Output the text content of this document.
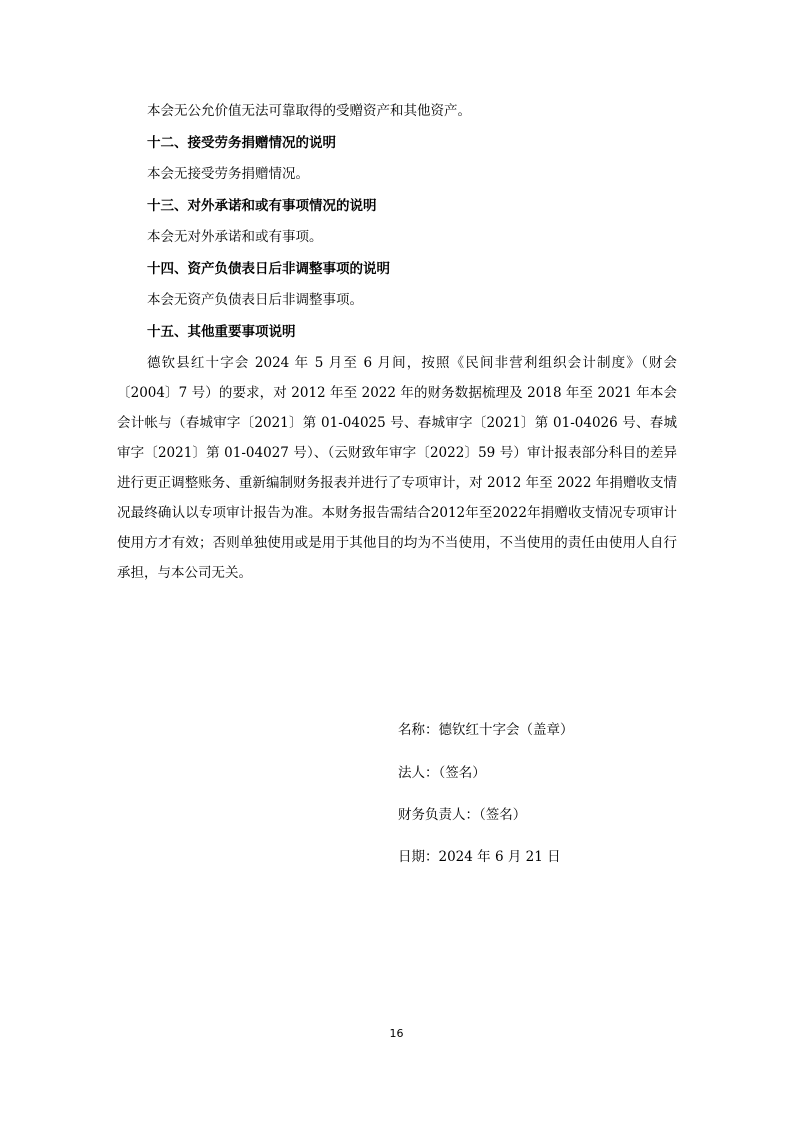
本会无公允价值无法可靠取得的受赠资产和其他资产。
十二、接受劳务捐赠情况的说明
本会无接受劳务捐赠情况。
十三、对外承诺和或有事项情况的说明
本会无对外承诺和或有事项。
十四、资产负债表日后非调整事项的说明
本会无资产负债表日后非调整事项。
十五、其他重要事项说明
德钦县红十字会 2024 年 5 月至 6 月间，按照《民间非营利组织会计制度》（财会〔2004〕7 号）的要求，对 2012 年至 2022 年的财务数据梳理及 2018 年至 2021 年本会会计帐与（春城审字〔2021〕第 01-04025 号、春城审字〔2021〕第 01-04026 号、春城审字〔2021〕第 01-04027 号）、（云财致年审字〔2022〕59 号）审计报表部分科目的差异进行更正调整账务、重新编制财务报表并进行了专项审计，对 2012 年至 2022 年捐赠收支情况最终确认以专项审计报告为准。本财务报告需结合2012年至2022年捐赠收支情况专项审计使用方才有效；否则单独使用或是用于其他目的均为不当使用，不当使用的责任由使用人自行承担，与本公司无关。
名称：德钦红十字会（盖章）
法人：（签名）
财务负责人：（签名）
日期：2024 年 6 月 21 日
16
